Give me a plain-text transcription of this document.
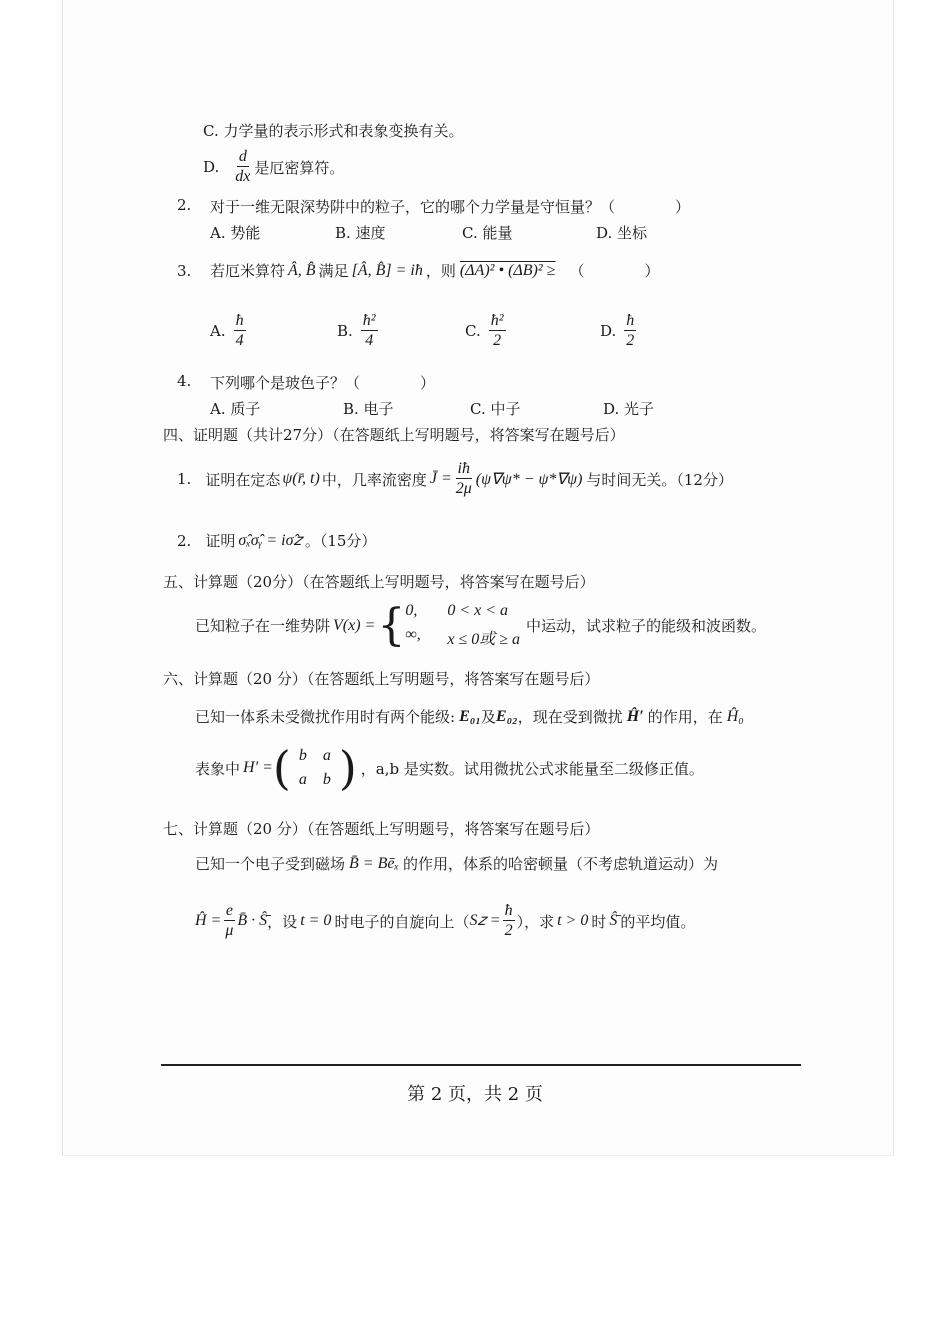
C. 力学量的表示形式和表象变换有关。
D. $\frac{d}{dx}$ 是厄密算符。
2. 对于一维无限深势阱中的粒子，它的哪个力学量是守恒量？（　　　　）
A. 势能	B. 速度	C. 能量	D. 坐标
3. 若厄米算符 Â, B̂ 满足 [Â, B̂] = iħ ，则 (ΔA)² • (ΔB)² ≥ （　　　　）
A. $\frac{ħ}{4}$	B. $\frac{\text{ħ²}}{4}$	C. $\frac{\text{ħ²}}{2}$	D. $\frac{ħ}{2}$
4. 下列哪个是玻色子？（　　　　）
A. 质子	B. 电子	C. 中子	D. 光子
四、证明题（共计27分）（在答题纸上写明题号，将答案写在题号后）
1. 证明在定态 ψ(r̄, t) 中，几率流密度 J̄ = $\frac{iħ}{2\mu} (\psi\nabla\psi* - \psi*\nabla\psi)$ 与时间无关。（12分）
2. 证明 σ̂ₓσ̂ᵧ = iσ̂𝑧 。（15分）
五、计算题（20分）（在答题纸上写明题号，将答案写在题号后）
已知粒子在一维势阱 V(x) = { 0,	0 < x < a
∞,	x ≤ 0或 ≥ a
中运动，试求粒子的能级和波函数。
六、计算题（20 分）（在答题纸上写明题号，将答案写在题号后）
已知一体系未受微扰作用时有两个能级: E₀₁ 及 E₀₂ ，现在受到微扰 Ĥ′ 的作用，在 Ĥ₀
表象中 H′ = ( b	a
a	b ) ，a,b 是实数。试用微扰公式求能量至二级修正值。
七、计算题（20 分）（在答题纸上写明题号，将答案写在题号后）
已知一个电子受到磁场 B̄ = Bēₓ 的作用，体系的哈密顿量（不考虑轨道运动）为
Ĥ = $\frac{e}{\mu}$ B̄ · Ŝ̄ ，设 t = 0 时电子的自旋向上（ S𝑧 = $\frac{ħ}{2}$ ），求 t > 0 时 Ŝ̄ 的平均值。
第 2 页，共 2 页
